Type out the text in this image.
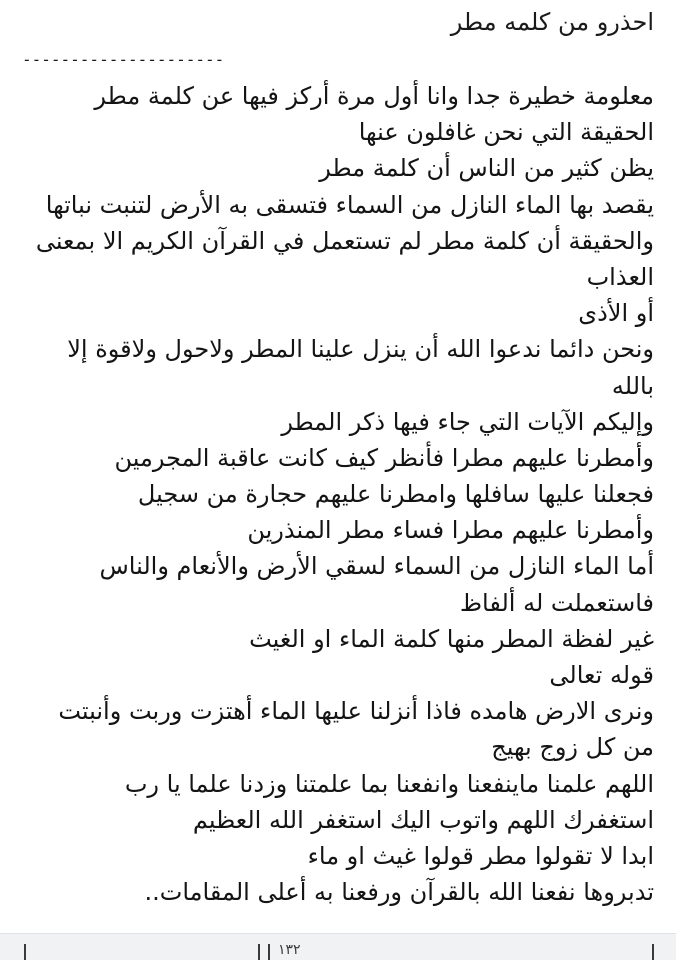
احذرو من كلمه مطر
---------------------
معلومة خطيرة جدا وانا أول مرة أركز فيها عن كلمة مطر
الحقيقة التي نحن غافلون عنها
يظن كثير من الناس أن كلمة مطر
يقصد بها الماء النازل من السماء فتسقى به الأرض لتنبت نباتها
والحقيقة أن كلمة مطر لم تستعمل في القرآن الكريم الا بمعنى
العذاب
أو الأذى
ونحن دائما ندعوا الله أن ينزل علينا المطر ولاحول ولاقوة إلا
بالله
وإليكم الآيات التي جاء فيها ذكر المطر
وأمطرنا عليهم مطرا فأنظر كيف كانت عاقبة المجرمين
فجعلنا عليها سافلها وامطرنا عليهم حجارة من سجيل
وأمطرنا عليهم مطرا فساء مطر المنذرين
أما الماء النازل من السماء لسقي الأرض والأنعام والناس
فاستعملت له ألفاظ
غير لفظة المطر منها كلمة الماء او الغيث
قوله تعالى
ونرى الارض هامده فاذا أنزلنا عليها الماء أهتزت وربت وأنبتت
من كل زوج بهيج
اللهم علمنا ماينفعنا وانفعنا بما علمتنا وزدنا علما يا رب
استغفرك اللهم واتوب اليك استغفر الله العظيم
ابدا لا تقولوا مطر قولوا غيث او ماء
تدبروها نفعنا الله بالقرآن ورفعنا به أعلى المقامات..
١٣٢
